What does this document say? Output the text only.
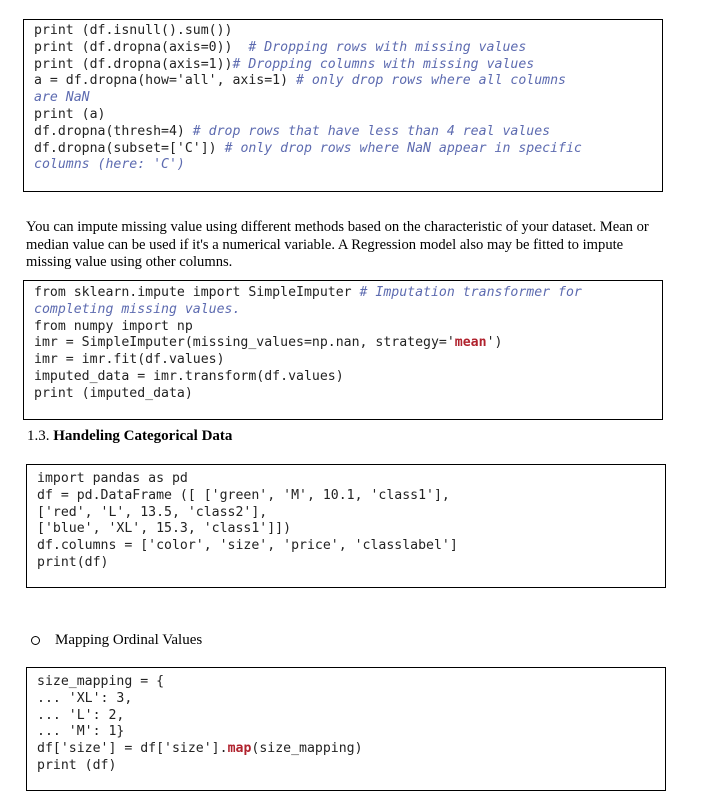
print (df.isnull().sum())

print (df.dropna(axis=0))  # Dropping rows with missing values

print (df.dropna(axis=1))# Dropping columns with missing values

a = df.dropna(how='all', axis=1) # only drop rows where all columns

are NaN

print (a)

df.dropna(thresh=4) # drop rows that have less than 4 real values

df.dropna(subset=['C']) # only drop rows where NaN appear in specific

columns (here: 'C')

You can impute missing value using different methods based on the characteristic of your dataset. Mean or median value can be used if it's a numerical variable. A Regression model also may be fitted to impute missing value using other columns.

from sklearn.impute import SimpleImputer # Imputation transformer for

completing missing values.

from numpy import np

imr = SimpleImputer(missing_values=np.nan, strategy='mean')

imr = imr.fit(df.values)

imputed_data = imr.transform(df.values)

print (imputed_data)

1.3. Handeling Categorical Data

import pandas as pd

df = pd.DataFrame ([ ['green', 'M', 10.1, 'class1'],

['red', 'L', 13.5, 'class2'],

['blue', 'XL', 15.3, 'class1']])

df.columns = ['color', 'size', 'price', 'classlabel']

print(df)

Mapping Ordinal Values

size_mapping = {

... 'XL': 3,

... 'L': 2,

... 'M': 1}

df['size'] = df['size'].map(size_mapping)

print (df)
